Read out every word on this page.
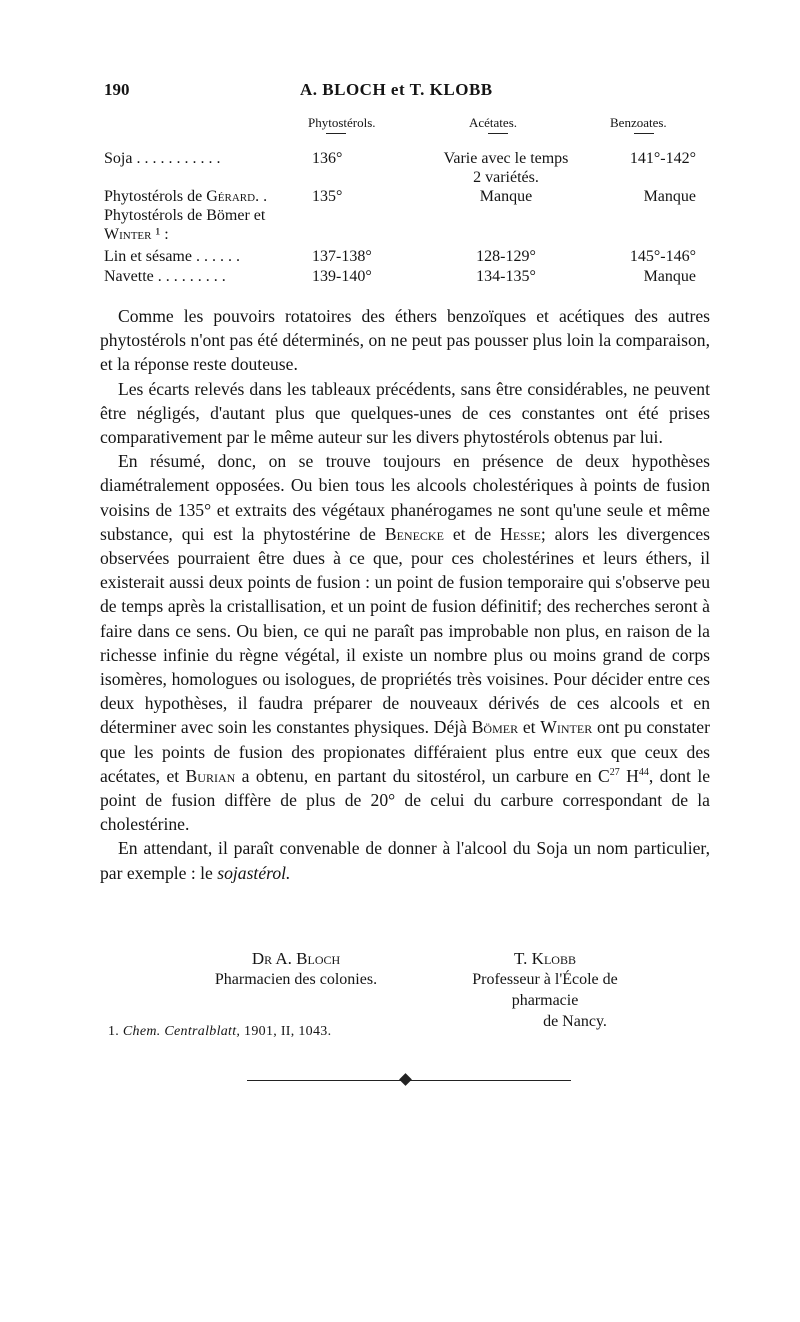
190	A. BLOCH et T. KLOBB
Phytostérols.	Acétates.	Benzoates.
Soja . . . . . . . . . . .	136°	Varie avec le temps	141°-142°
2 variétés.
Phytostérols de Gérard. .	135°	Manque	Manque
Phytostérols de Bömer et
Winter ¹ :
Lin et sésame . . . . . .	137-138°	128-129°	145°-146°
Navette . . . . . . . . .	139-140°	134-135°	Manque

Comme les pouvoirs rotatoires des éthers benzoïques et acétiques des autres phytostérols n'ont pas été déterminés, on ne peut pas pousser plus loin la comparaison, et la réponse reste douteuse.

Les écarts relevés dans les tableaux précédents, sans être considérables, ne peuvent être négligés, d'autant plus que quelques-unes de ces constantes ont été prises comparativement par le même auteur sur les divers phytostérols obtenus par lui.

En résumé, donc, on se trouve toujours en présence de deux hypothèses diamétralement opposées. Ou bien tous les alcools cholestériques à points de fusion voisins de 135° et extraits des végétaux phanérogames ne sont qu'une seule et même substance, qui est la phytostérine de Benecke et de Hesse; alors les divergences observées pourraient être dues à ce que, pour ces cholestérines et leurs éthers, il existerait aussi deux points de fusion : un point de fusion temporaire qui s'observe peu de temps après la cristallisation, et un point de fusion définitif; des recherches seront à faire dans ce sens. Ou bien, ce qui ne paraît pas improbable non plus, en raison de la richesse infinie du règne végétal, il existe un nombre plus ou moins grand de corps isomères, homologues ou isologues, de propriétés très voisines. Pour décider entre ces deux hypothèses, il faudra préparer de nouveaux dérivés de ces alcools et en déterminer avec soin les constantes physiques. Déjà Bömer et Winter ont pu constater que les points de fusion des propionates différaient plus entre eux que ceux des acétates, et Burian a obtenu, en partant du sitostérol, un carbure en $C^{27}$ $H^{44}$, dont le point de fusion diffère de plus de 20° de celui du carbure correspondant de la cholestérine.

En attendant, il paraît convenable de donner à l'alcool du Soja un nom particulier, par exemple : le sojastérol.

Dr A. Bloch
Pharmacien des colonies.
T. Klobb
Professeur à l'École de pharmacie
de Nancy.
1. Chem. Centralblatt, 1901, II, 1043.
